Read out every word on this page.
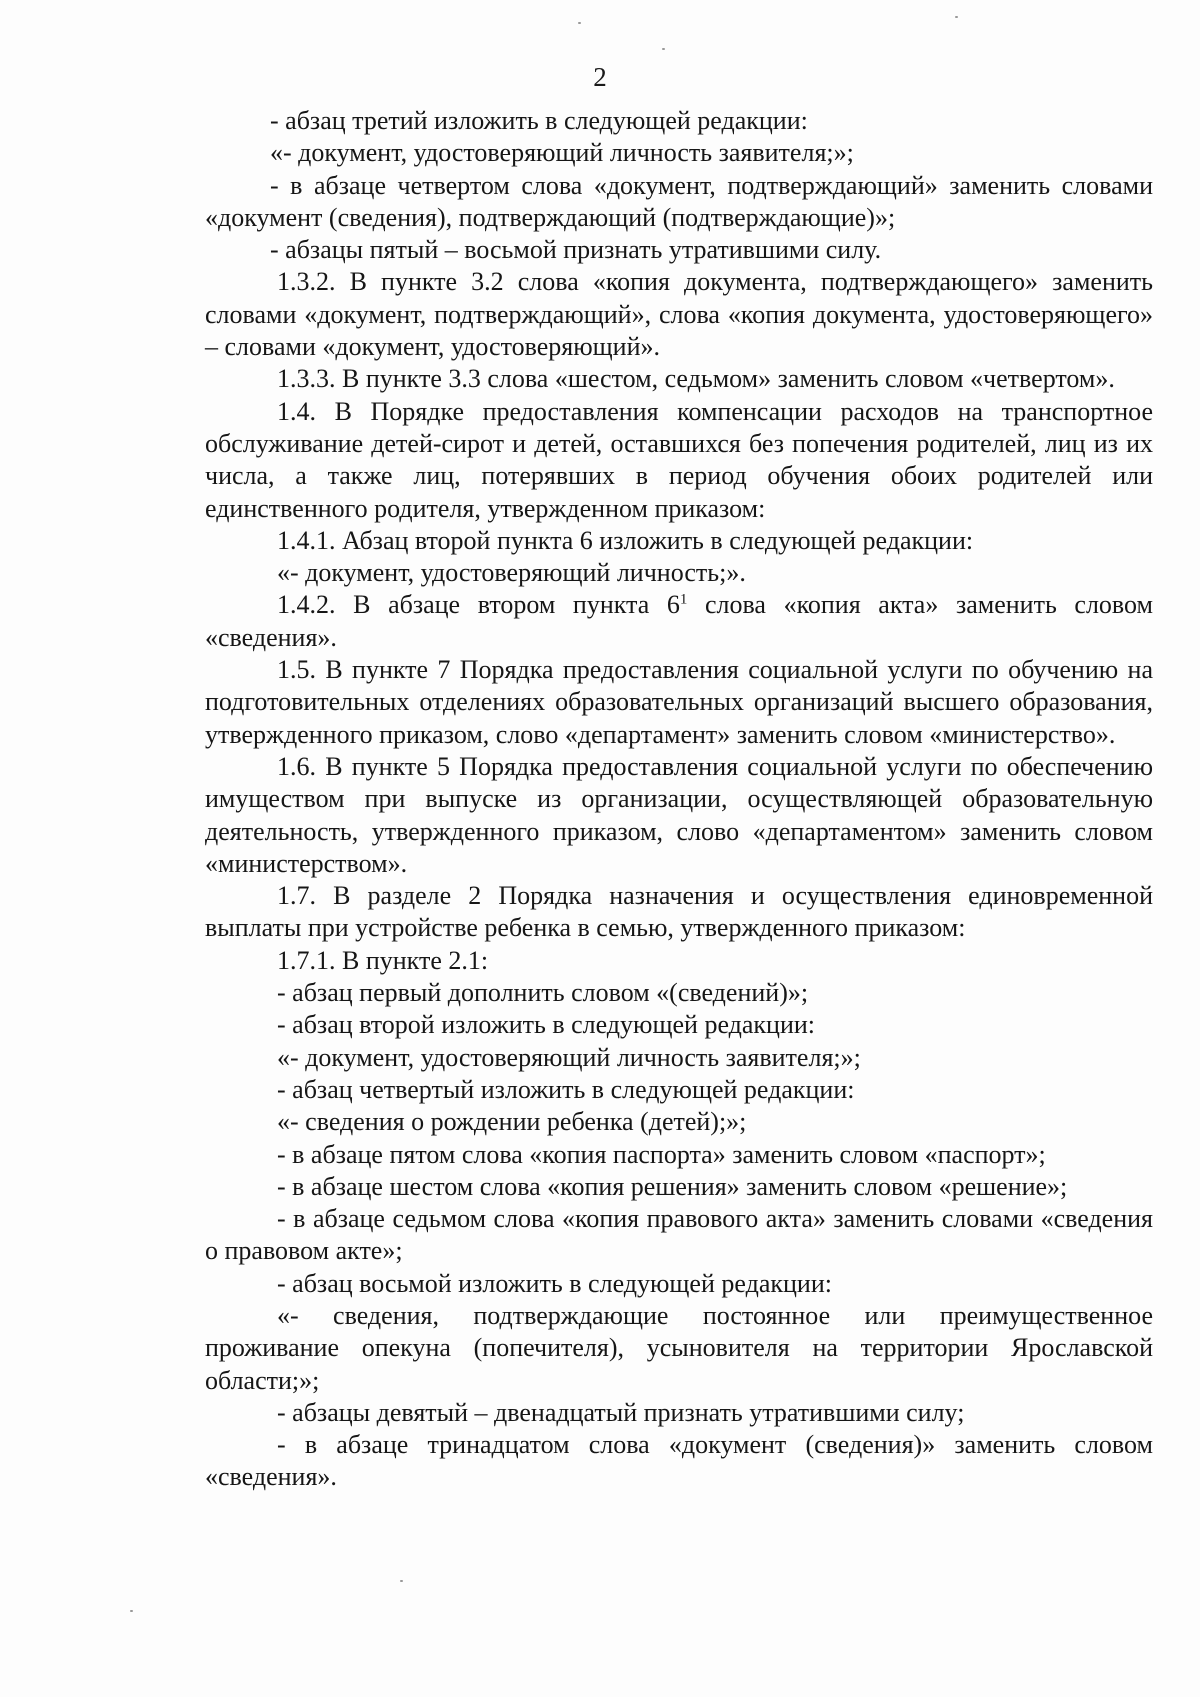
2

- абзац третий изложить в следующей редакции:

«- документ, удостоверяющий личность заявителя;»;

- в абзаце четвертом слова «документ, подтверждающий» заменить словами «документ (сведения), подтверждающий (подтверждающие)»;

- абзацы пятый – восьмой признать утратившими силу.

1.3.2. В пункте 3.2 слова «копия документа, подтверждающего» заменить словами «документ, подтверждающий», слова «копия документа, удостоверяющего» – словами «документ, удостоверяющий».

1.3.3. В пункте 3.3 слова «шестом, седьмом» заменить словом «четвертом».

1.4. В Порядке предоставления компенсации расходов на транспортное обслуживание детей-сирот и детей, оставшихся без попечения родителей, лиц из их числа, а также лиц, потерявших в период обучения обоих родителей или единственного родителя, утвержденном приказом:

1.4.1. Абзац второй пункта 6 изложить в следующей редакции:

«- документ, удостоверяющий личность;».

1.4.2. В абзаце втором пункта $6^1$ слова «копия акта» заменить словом «сведения».

1.5. В пункте 7 Порядка предоставления социальной услуги по обучению на подготовительных отделениях образовательных организаций высшего образования, утвержденного приказом, слово «департамент» заменить словом «министерство».

1.6. В пункте 5 Порядка предоставления социальной услуги по обеспечению имуществом при выпуске из организации, осуществляющей образовательную деятельность, утвержденного приказом, слово «департаментом» заменить словом «министерством».

1.7. В разделе 2 Порядка назначения и осуществления единовременной выплаты при устройстве ребенка в семью, утвержденного приказом:

1.7.1. В пункте 2.1:

- абзац первый дополнить словом «(сведений)»;

- абзац второй изложить в следующей редакции:

«- документ, удостоверяющий личность заявителя;»;

- абзац четвертый изложить в следующей редакции:

«- сведения о рождении ребенка (детей);»;

- в абзаце пятом слова «копия паспорта» заменить словом «паспорт»;

- в абзаце шестом слова «копия решения» заменить словом «решение»;

- в абзаце седьмом слова «копия правового акта» заменить словами «сведения о правовом акте»;

- абзац восьмой изложить в следующей редакции:

«- сведения, подтверждающие постоянное или преимущественное проживание опекуна (попечителя), усыновителя на территории Ярославской области;»;

- абзацы девятый – двенадцатый признать утратившими силу;

- в абзаце тринадцатом слова «документ (сведения)» заменить словом «сведения».
